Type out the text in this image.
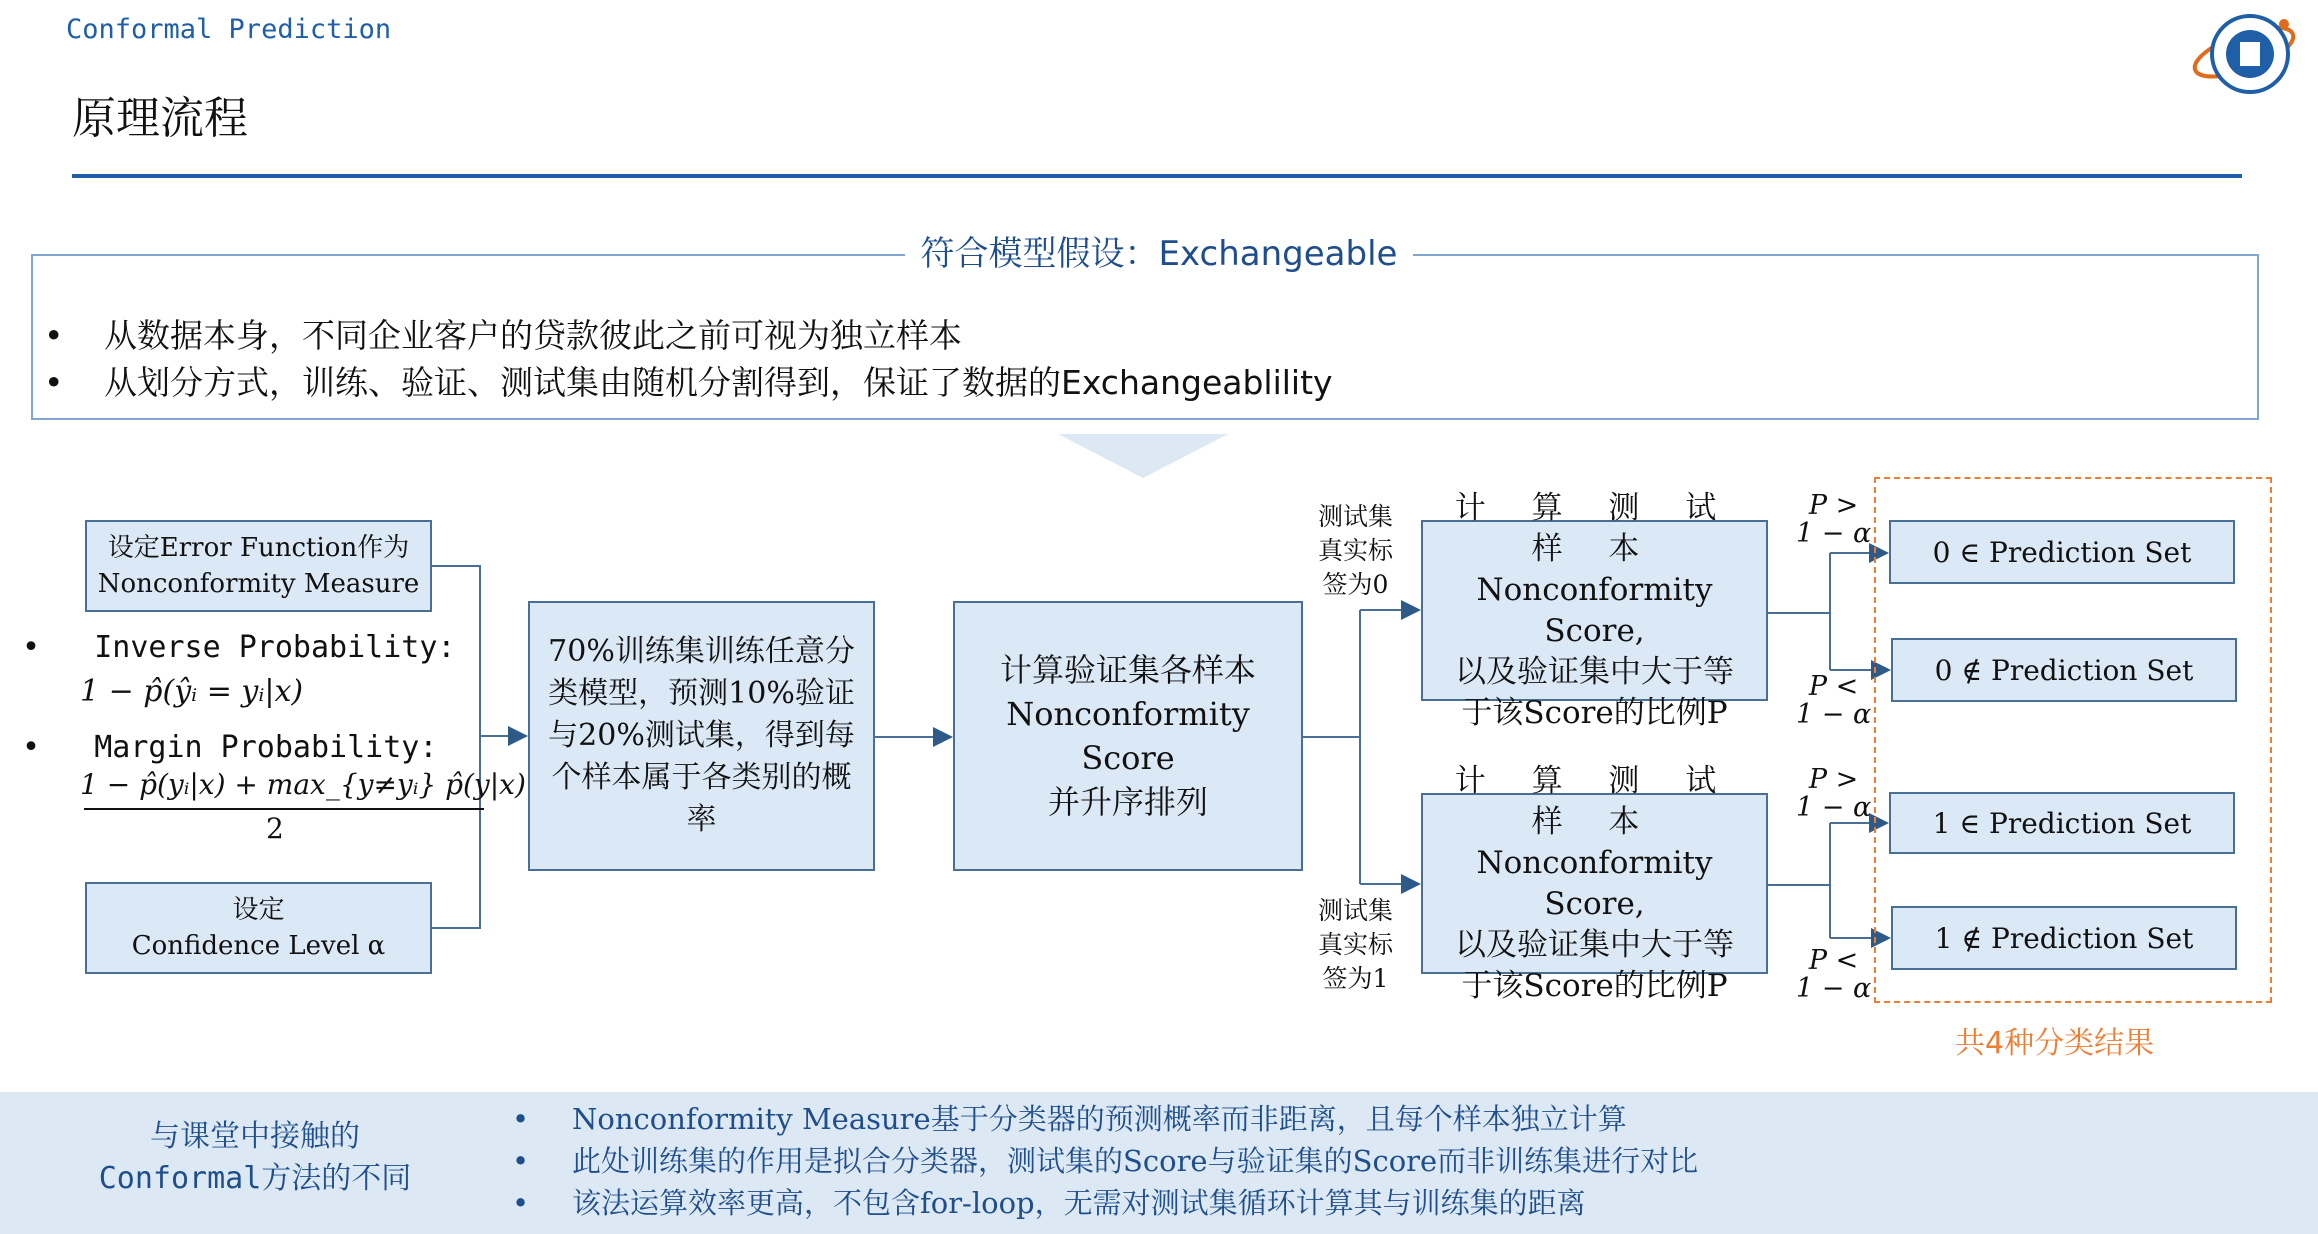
Conformal Prediction
原理流程
符合模型假设：Exchangeable
• 从数据本身，不同企业客户的贷款彼此之前可视为独立样本
• 从划分方式，训练、验证、测试集由随机分割得到，保证了数据的Exchangeablility
设定Error Function作为
Nonconformity Measure
•   Inverse Probability:
1 − p̂(ŷᵢ = yᵢ|x)
•   Margin Probability:
1 − p̂(yᵢ|x) + max_{y≠yᵢ} p̂(y|x)
2
设定
Confidence Level α
70%训练集训练任意分类模型，预测10%验证与20%测试集，得到每个样本属于各类别的概率
计算验证集各样本
Nonconformity Score
并升序排列
测试集
真实标
签为0
测试集
真实标
签为1
计 算 测 试 样 本
Nonconformity Score,
以及验证集中大于等
于该Score的比例P
计 算 测 试 样 本
Nonconformity Score,
以及验证集中大于等
于该Score的比例P
P >
1 − α
P <
1 − α
P >
1 − α
P <
1 − α
0 ∈ Prediction Set
0 ∉ Prediction Set
1 ∈ Prediction Set
1 ∉ Prediction Set
共4种分类结果
与课堂中接触的
Conformal方法的不同
• Nonconformity Measure基于分类器的预测概率而非距离，且每个样本独立计算
• 此处训练集的作用是拟合分类器，测试集的Score与验证集的Score而非训练集进行对比
• 该法运算效率更高，不包含for-loop，无需对测试集循环计算其与训练集的距离
